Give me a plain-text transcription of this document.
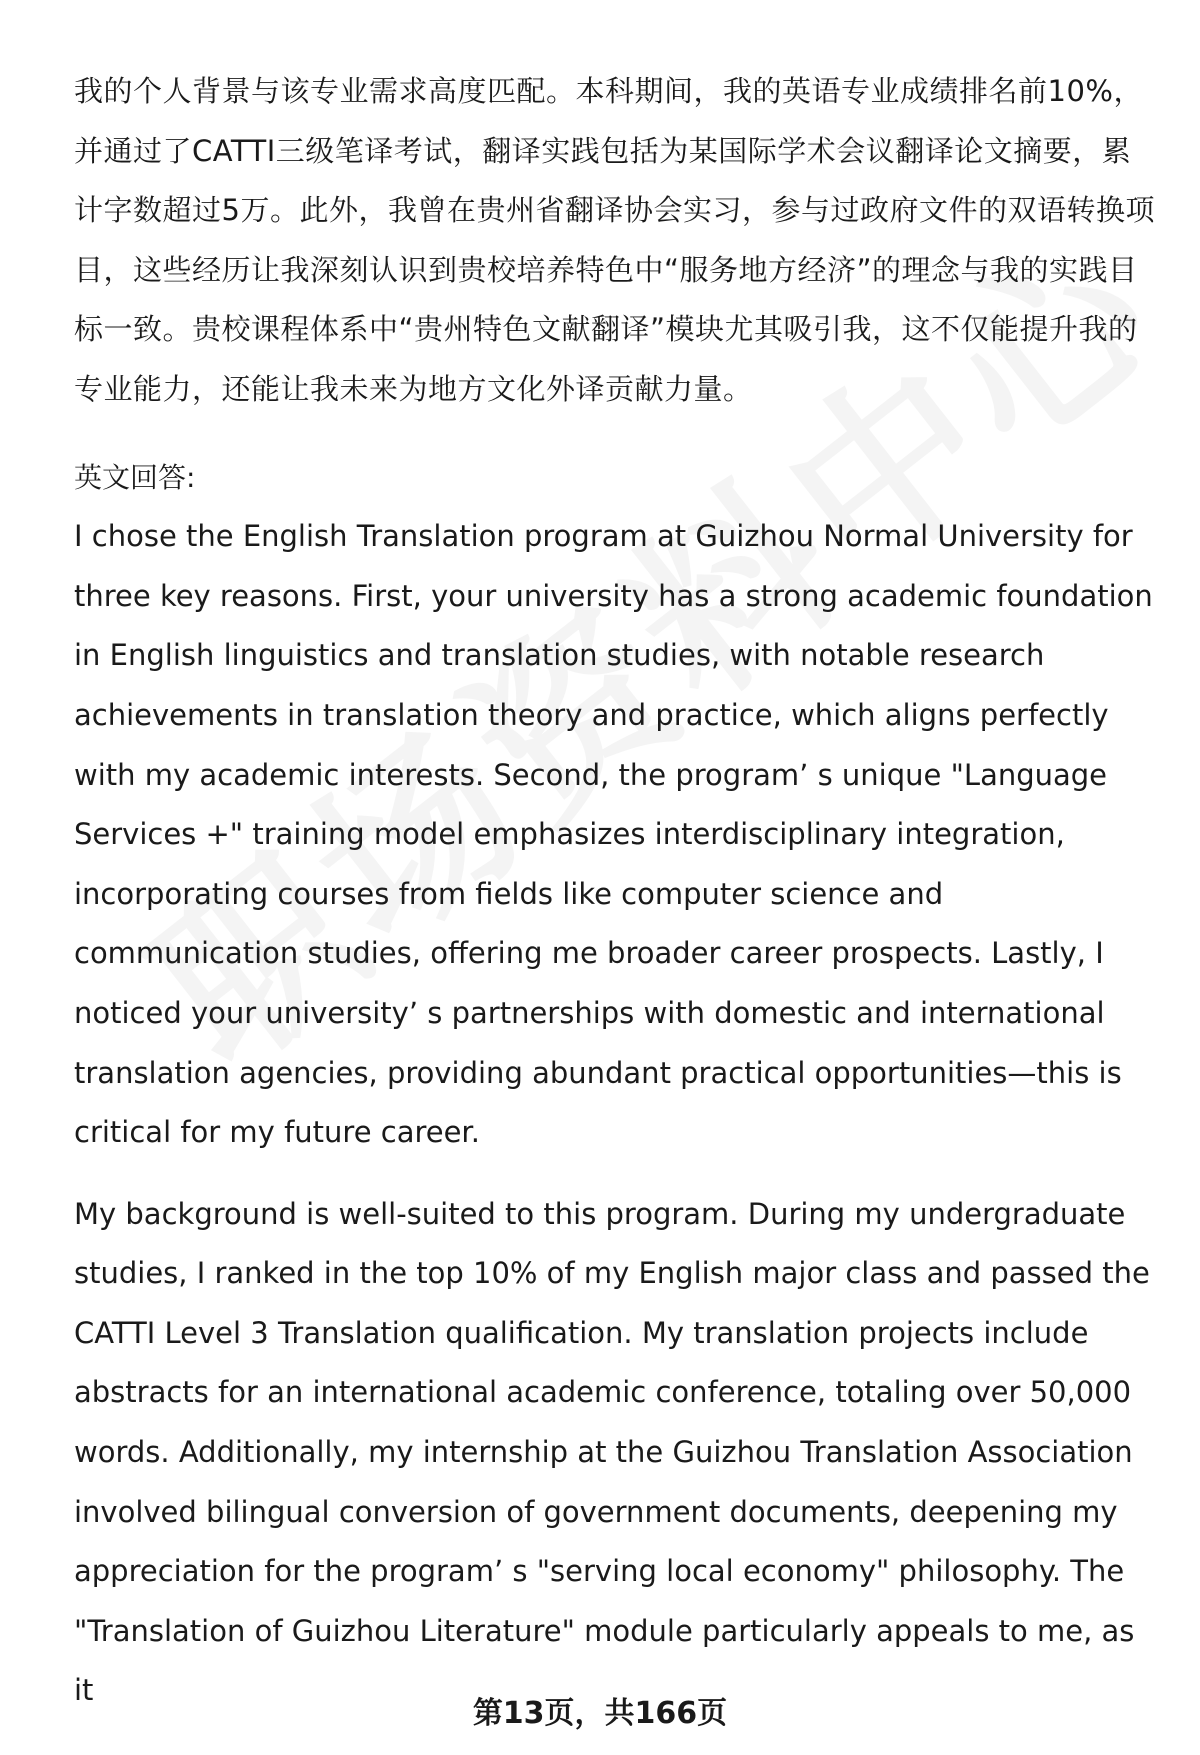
我的个人背景与该专业需求高度匹配。本科期间，我的英语专业成绩排名前10%，并通过了CATTI三级笔译考试，翻译实践包括为某国际学术会议翻译论文摘要，累计字数超过5万。此外，我曾在贵州省翻译协会实习，参与过政府文件的双语转换项目，这些经历让我深刻认识到贵校培养特色中“服务地方经济”的理念与我的实践目标一致。贵校课程体系中“贵州特色文献翻译”模块尤其吸引我，这不仅能提升我的专业能力，还能让我未来为地方文化外译贡献力量。

英文回答:

I chose the English Translation program at Guizhou Normal University for three key reasons. First, your university has a strong academic foundation in English linguistics and translation studies, with notable research achievements in translation theory and practice, which aligns perfectly with my academic interests. Second, the program’ s unique "Language Services +" training model emphasizes interdisciplinary integration, incorporating courses from fields like computer science and communication studies, offering me broader career prospects. Lastly, I noticed your university’ s partnerships with domestic and international translation agencies, providing abundant practical opportunities—this is critical for my future career.

My background is well-suited to this program. During my undergraduate studies, I ranked in the top 10% of my English major class and passed the CATTI Level 3 Translation qualification. My translation projects include abstracts for an international academic conference, totaling over 50,000 words. Additionally, my internship at the Guizhou Translation Association involved bilingual conversion of government documents, deepening my appreciation for the program’ s "serving local economy" philosophy. The "Translation of Guizhou Literature" module particularly appeals to me, as it

第13页，共166页
